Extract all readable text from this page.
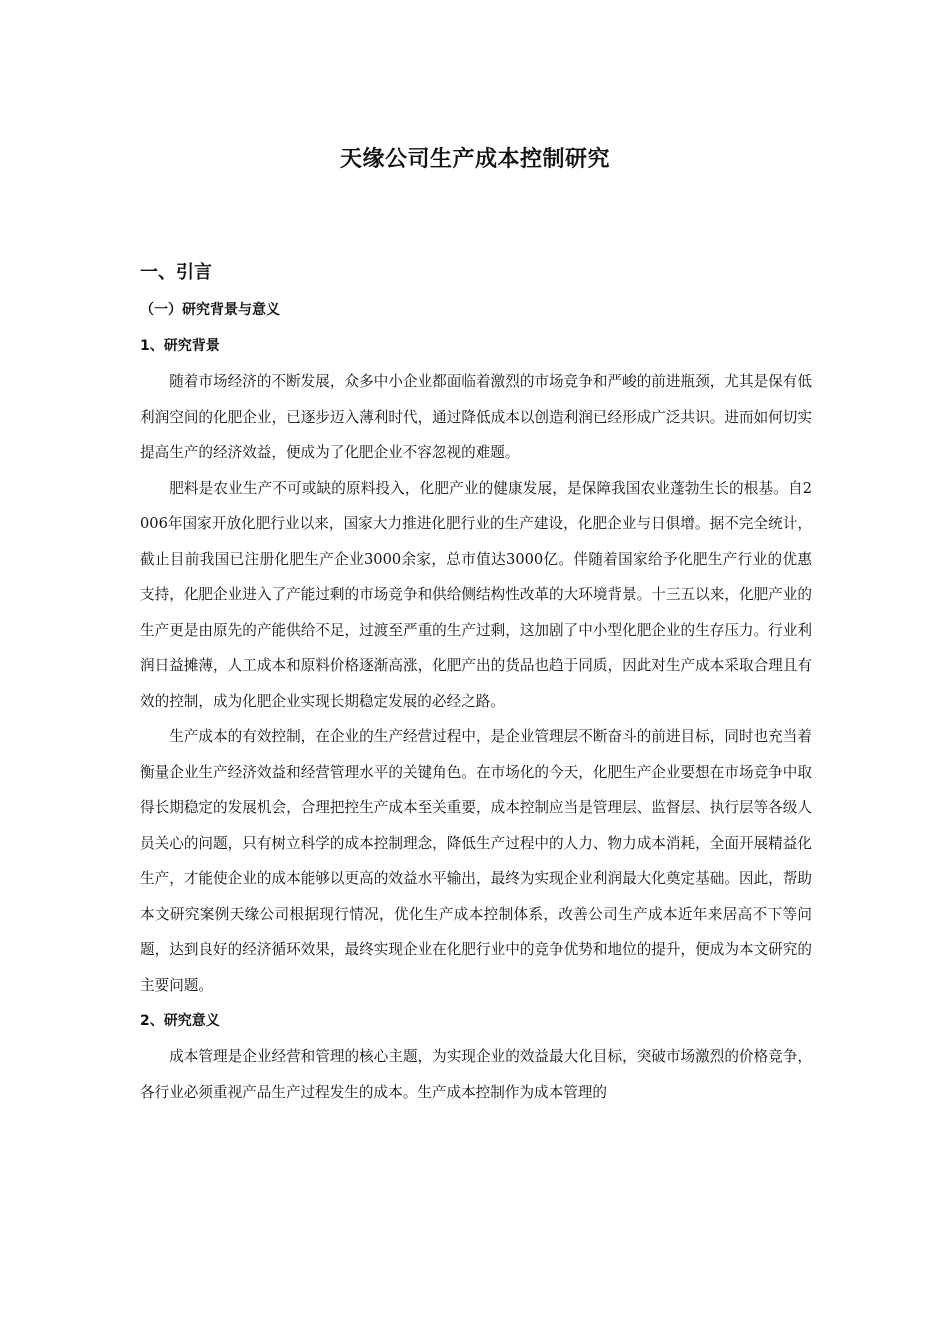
天缘公司生产成本控制研究
一、引言
（一）研究背景与意义
1、研究背景

随着市场经济的不断发展，众多中小企业都面临着激烈的市场竞争和严峻的前进瓶颈，尤其是保有低利润空间的化肥企业，已逐步迈入薄利时代，通过降低成本以创造利润已经形成广泛共识。进而如何切实提高生产的经济效益，便成为了化肥企业不容忽视的难题。

肥料是农业生产不可或缺的原料投入，化肥产业的健康发展，是保障我国农业蓬勃生长的根基。自2006年国家开放化肥行业以来，国家大力推进化肥行业的生产建设，化肥企业与日俱增。据不完全统计，截止目前我国已注册化肥生产企业3000余家，总市值达3000亿。伴随着国家给予化肥生产行业的优惠支持，化肥企业进入了产能过剩的市场竞争和供给侧结构性改革的大环境背景。十三五以来，化肥产业的生产更是由原先的产能供给不足，过渡至严重的生产过剩，这加剧了中小型化肥企业的生存压力。行业利润日益摊薄，人工成本和原料价格逐渐高涨，化肥产出的货品也趋于同质，因此对生产成本采取合理且有效的控制，成为化肥企业实现长期稳定发展的必经之路。

生产成本的有效控制，在企业的生产经营过程中，是企业管理层不断奋斗的前进目标，同时也充当着衡量企业生产经济效益和经营管理水平的关键角色。在市场化的今天，化肥生产企业要想在市场竞争中取得长期稳定的发展机会，合理把控生产成本至关重要，成本控制应当是管理层、监督层、执行层等各级人员关心的问题，只有树立科学的成本控制理念，降低生产过程中的人力、物力成本消耗，全面开展精益化生产，才能使企业的成本能够以更高的效益水平输出，最终为实现企业利润最大化奠定基础。因此，帮助本文研究案例天缘公司根据现行情况，优化生产成本控制体系，改善公司生产成本近年来居高不下等问题，达到良好的经济循环效果，最终实现企业在化肥行业中的竞争优势和地位的提升，便成为本文研究的主要问题。

2、研究意义

成本管理是企业经营和管理的核心主题，为实现企业的效益最大化目标，突破市场激烈的价格竞争，各行业必须重视产品生产过程发生的成本。生产成本控制作为成本管理的
